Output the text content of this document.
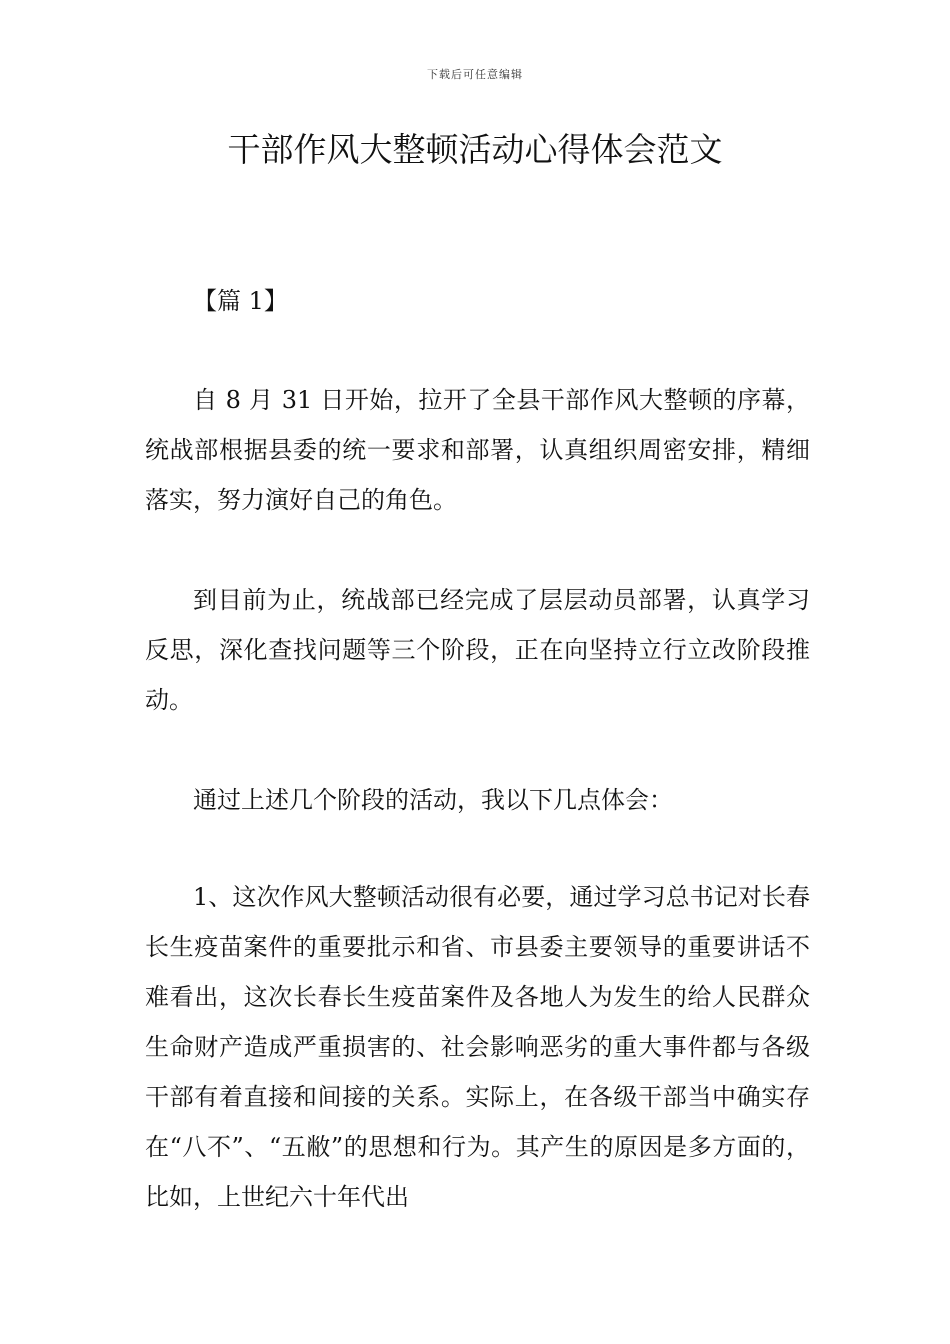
下载后可任意编辑
干部作风大整顿活动心得体会范文

【篇 1】

自 8 月 31 日开始，拉开了全县干部作风大整顿的序幕，统战部根据县委的统一要求和部署，认真组织周密安排，精细落实，努力演好自己的角色。

到目前为止，统战部已经完成了层层动员部署，认真学习反思，深化查找问题等三个阶段，正在向坚持立行立改阶段推动。

通过上述几个阶段的活动，我以下几点体会：

1、这次作风大整顿活动很有必要，通过学习总书记对长春长生疫苗案件的重要批示和省、市县委主要领导的重要讲话不难看出，这次长春长生疫苗案件及各地人为发生的给人民群众生命财产造成严重损害的、社会影响恶劣的重大事件都与各级干部有着直接和间接的关系。实际上，在各级干部当中确实存在“八不”、“五敝”的思想和行为。其产生的原因是多方面的，比如，上世纪六十年代出
